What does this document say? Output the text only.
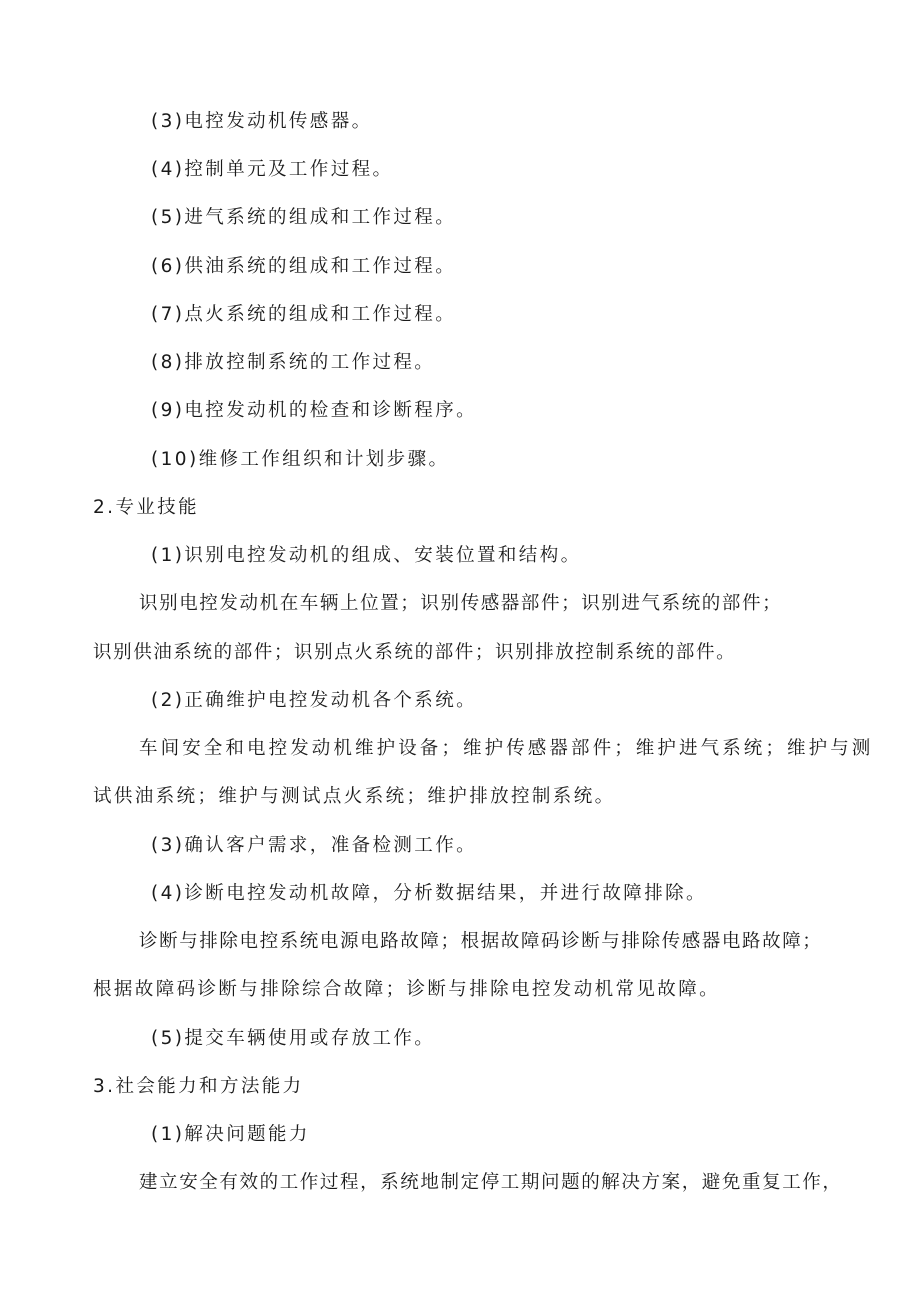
(3)电控发动机传感器。
(4)控制单元及工作过程。
(5)进气系统的组成和工作过程。
(6)供油系统的组成和工作过程。
(7)点火系统的组成和工作过程。
(8)排放控制系统的工作过程。
(9)电控发动机的检查和诊断程序。
(10)维修工作组织和计划步骤。
2.专业技能
(1)识别电控发动机的组成、安装位置和结构。
识别电控发动机在车辆上位置；识别传感器部件；识别进气系统的部件；
识别供油系统的部件；识别点火系统的部件；识别排放控制系统的部件。
(2)正确维护电控发动机各个系统。
车间安全和电控发动机维护设备；维护传感器部件；维护进气系统；维护与测
试供油系统；维护与测试点火系统；维护排放控制系统。
(3)确认客户需求，准备检测工作。
(4)诊断电控发动机故障，分析数据结果，并进行故障排除。
诊断与排除电控系统电源电路故障；根据故障码诊断与排除传感器电路故障；
根据故障码诊断与排除综合故障；诊断与排除电控发动机常见故障。
(5)提交车辆使用或存放工作。
3.社会能力和方法能力
(1)解决问题能力
建立安全有效的工作过程，系统地制定停工期问题的解决方案，避免重复工作，
